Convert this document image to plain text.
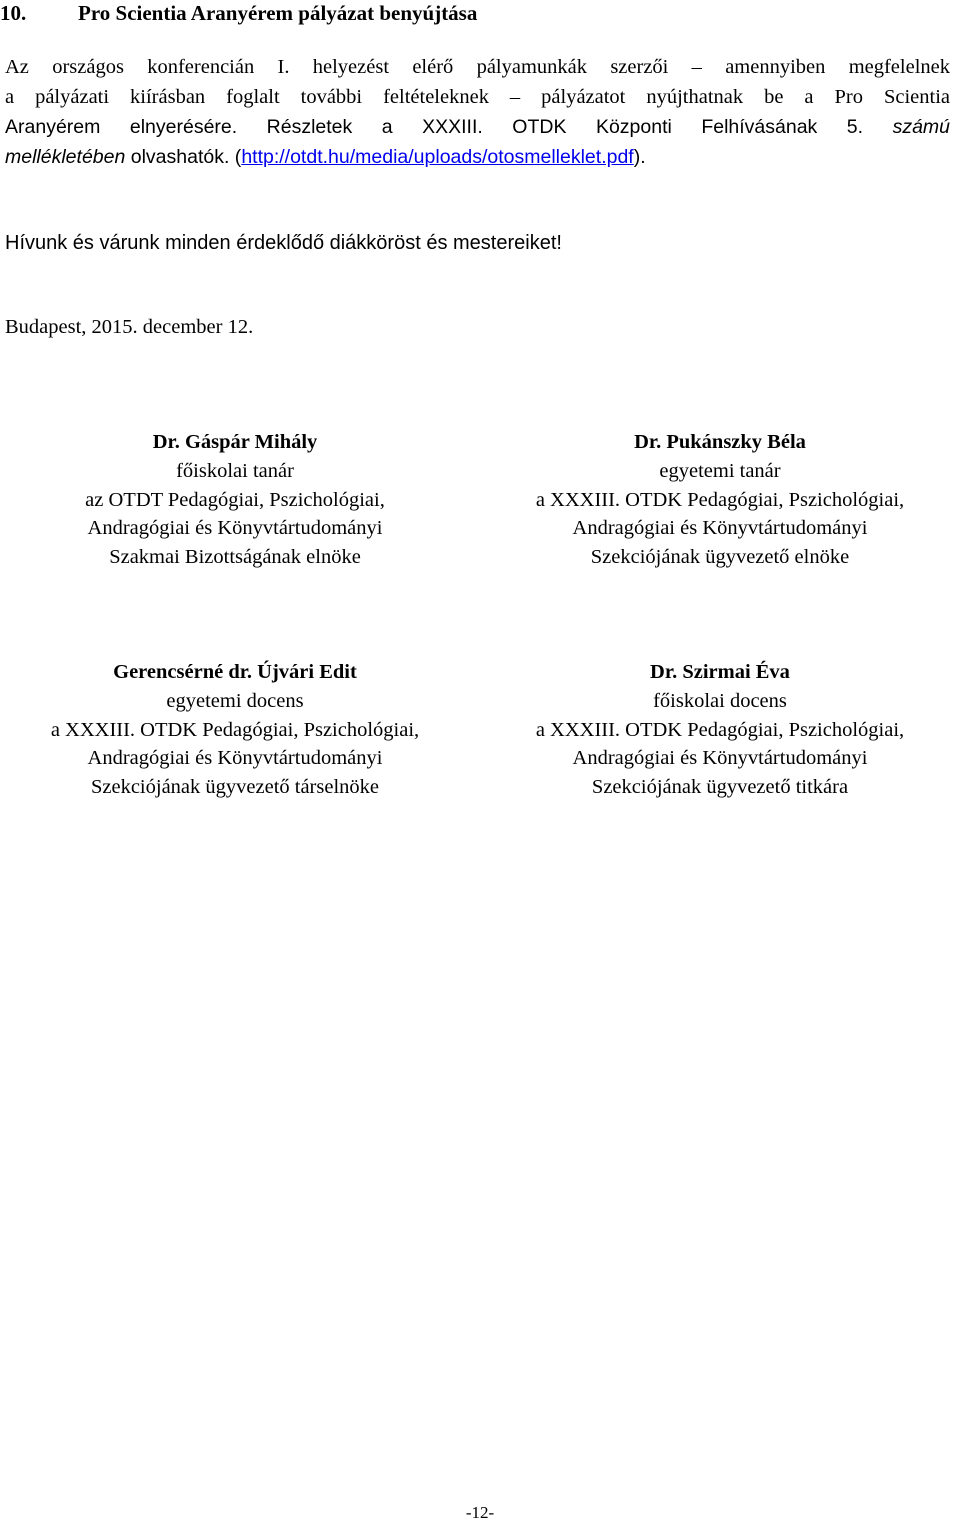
10. Pro Scientia Aranyérem pályázat benyújtása
Az országos konferencián I. helyezést elérő pályamunkák szerzői – amennyiben megfelelnek
a pályázati kiírásban foglalt további feltételeknek – pályázatot nyújthatnak be a Pro Scientia
Aranyérem elnyerésére. Részletek a XXXIII. OTDK Központi Felhívásának 5. számú
mellékletében olvashatók. (http://otdt.hu/media/uploads/otosmelleklet.pdf).
Hívunk és várunk minden érdeklődő diákköröst és mestereiket!
Budapest, 2015. december 12.
Dr. Gáspár Mihály
főiskolai tanár
az OTDT Pedagógiai, Pszichológiai,
Andragógiai és Könyvtártudományi
Szakmai Bizottságának elnöke
Dr. Pukánszky Béla
egyetemi tanár
a XXXIII. OTDK Pedagógiai, Pszichológiai,
Andragógiai és Könyvtártudományi
Szekciójának ügyvezető elnöke
Gerencsérné dr. Újvári Edit
egyetemi docens
a XXXIII. OTDK Pedagógiai, Pszichológiai,
Andragógiai és Könyvtártudományi
Szekciójának ügyvezető társelnöke
Dr. Szirmai Éva
főiskolai docens
a XXXIII. OTDK Pedagógiai, Pszichológiai,
Andragógiai és Könyvtártudományi
Szekciójának ügyvezető titkára
-12-
